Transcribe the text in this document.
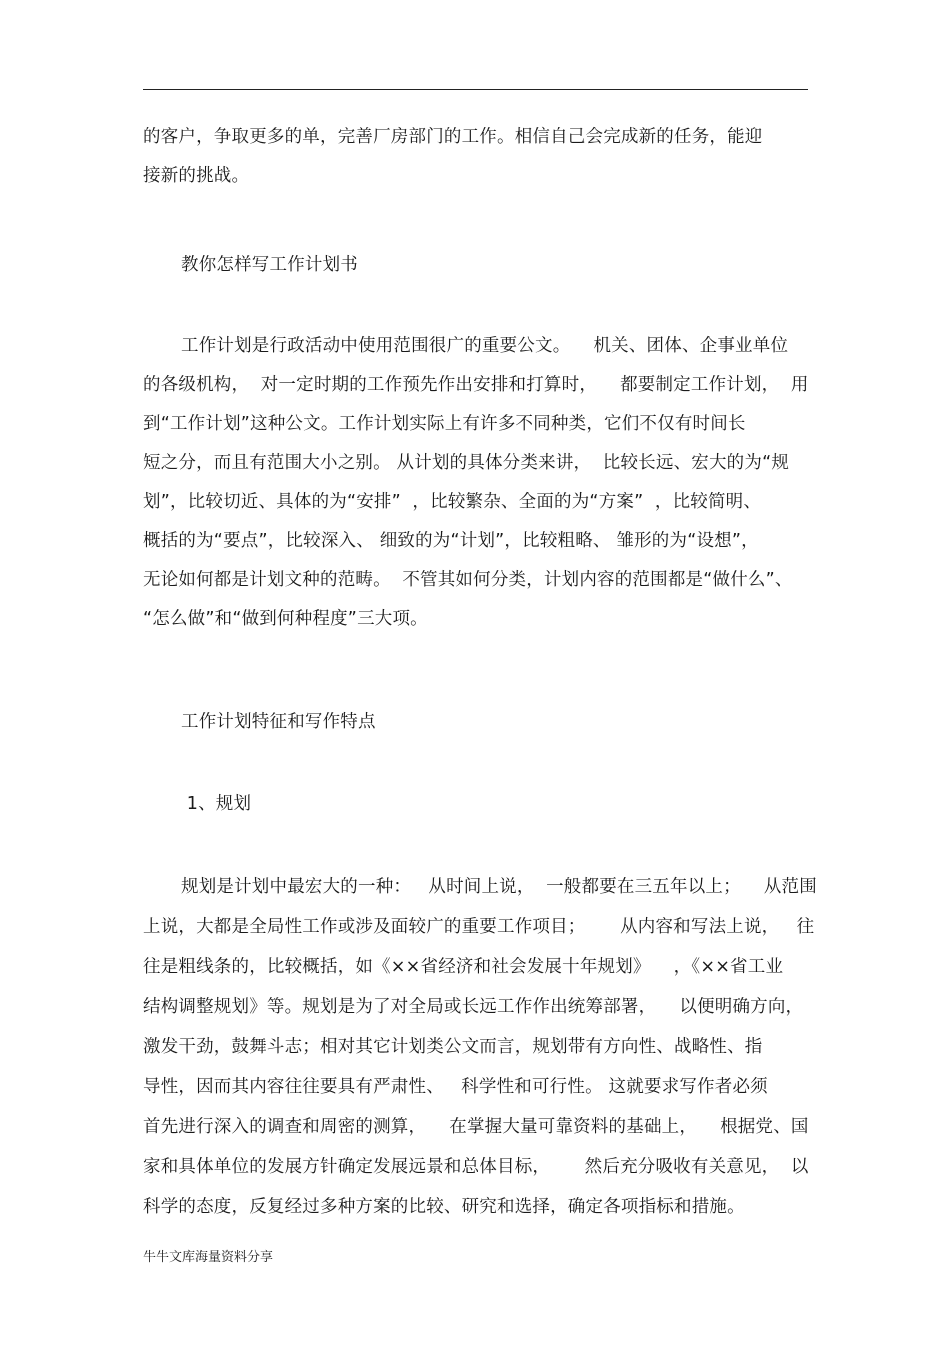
的客户，争取更多的单，完善厂房部门的工作。相信自己会完成新的任务，能迎
接新的挑战。
教你怎样写工作计划书
工作计划是行政活动中使用范围很广的重要公文。    机关、团体、企事业单位
的各级机构，  对一定时期的工作预先作出安排和打算时，    都要制定工作计划，  用
到“工作计划”这种公文。工作计划实际上有许多不同种类，它们不仅有时间长
短之分，而且有范围大小之别。 从计划的具体分类来讲，  比较长远、宏大的为“规
划”，比较切近、具体的为“安排”  ，比较繁杂、全面的为“方案”  ，比较简明、
概括的为“要点”，比较深入、 细致的为“计划”，比较粗略、 雏形的为“设想”，
无论如何都是计划文种的范畴。  不管其如何分类，计划内容的范围都是“做什么”、
“怎么做”和“做到何种程度”三大项。
工作计划特征和写作特点
1、规划
规划是计划中最宏大的一种：   从时间上说，  一般都要在三五年以上；    从范围
上说，大都是全局性工作或涉及面较广的重要工作项目；      从内容和写法上说，   往
往是粗线条的，比较概括，如《××省经济和社会发展十年规划》    ，《××省工业
结构调整规划》等。规划是为了对全局或长远工作作出统筹部署，    以便明确方向，
激发干劲，鼓舞斗志；相对其它计划类公文而言，规划带有方向性、战略性、指
导性，因而其内容往往要具有严肃性、   科学性和可行性。 这就要求写作者必须
首先进行深入的调查和周密的测算，    在掌握大量可靠资料的基础上，    根据党、国
家和具体单位的发展方针确定发展远景和总体目标，      然后充分吸收有关意见，  以
科学的态度，反复经过多种方案的比较、研究和选择，确定各项指标和措施。
牛牛文库海量资料分享
